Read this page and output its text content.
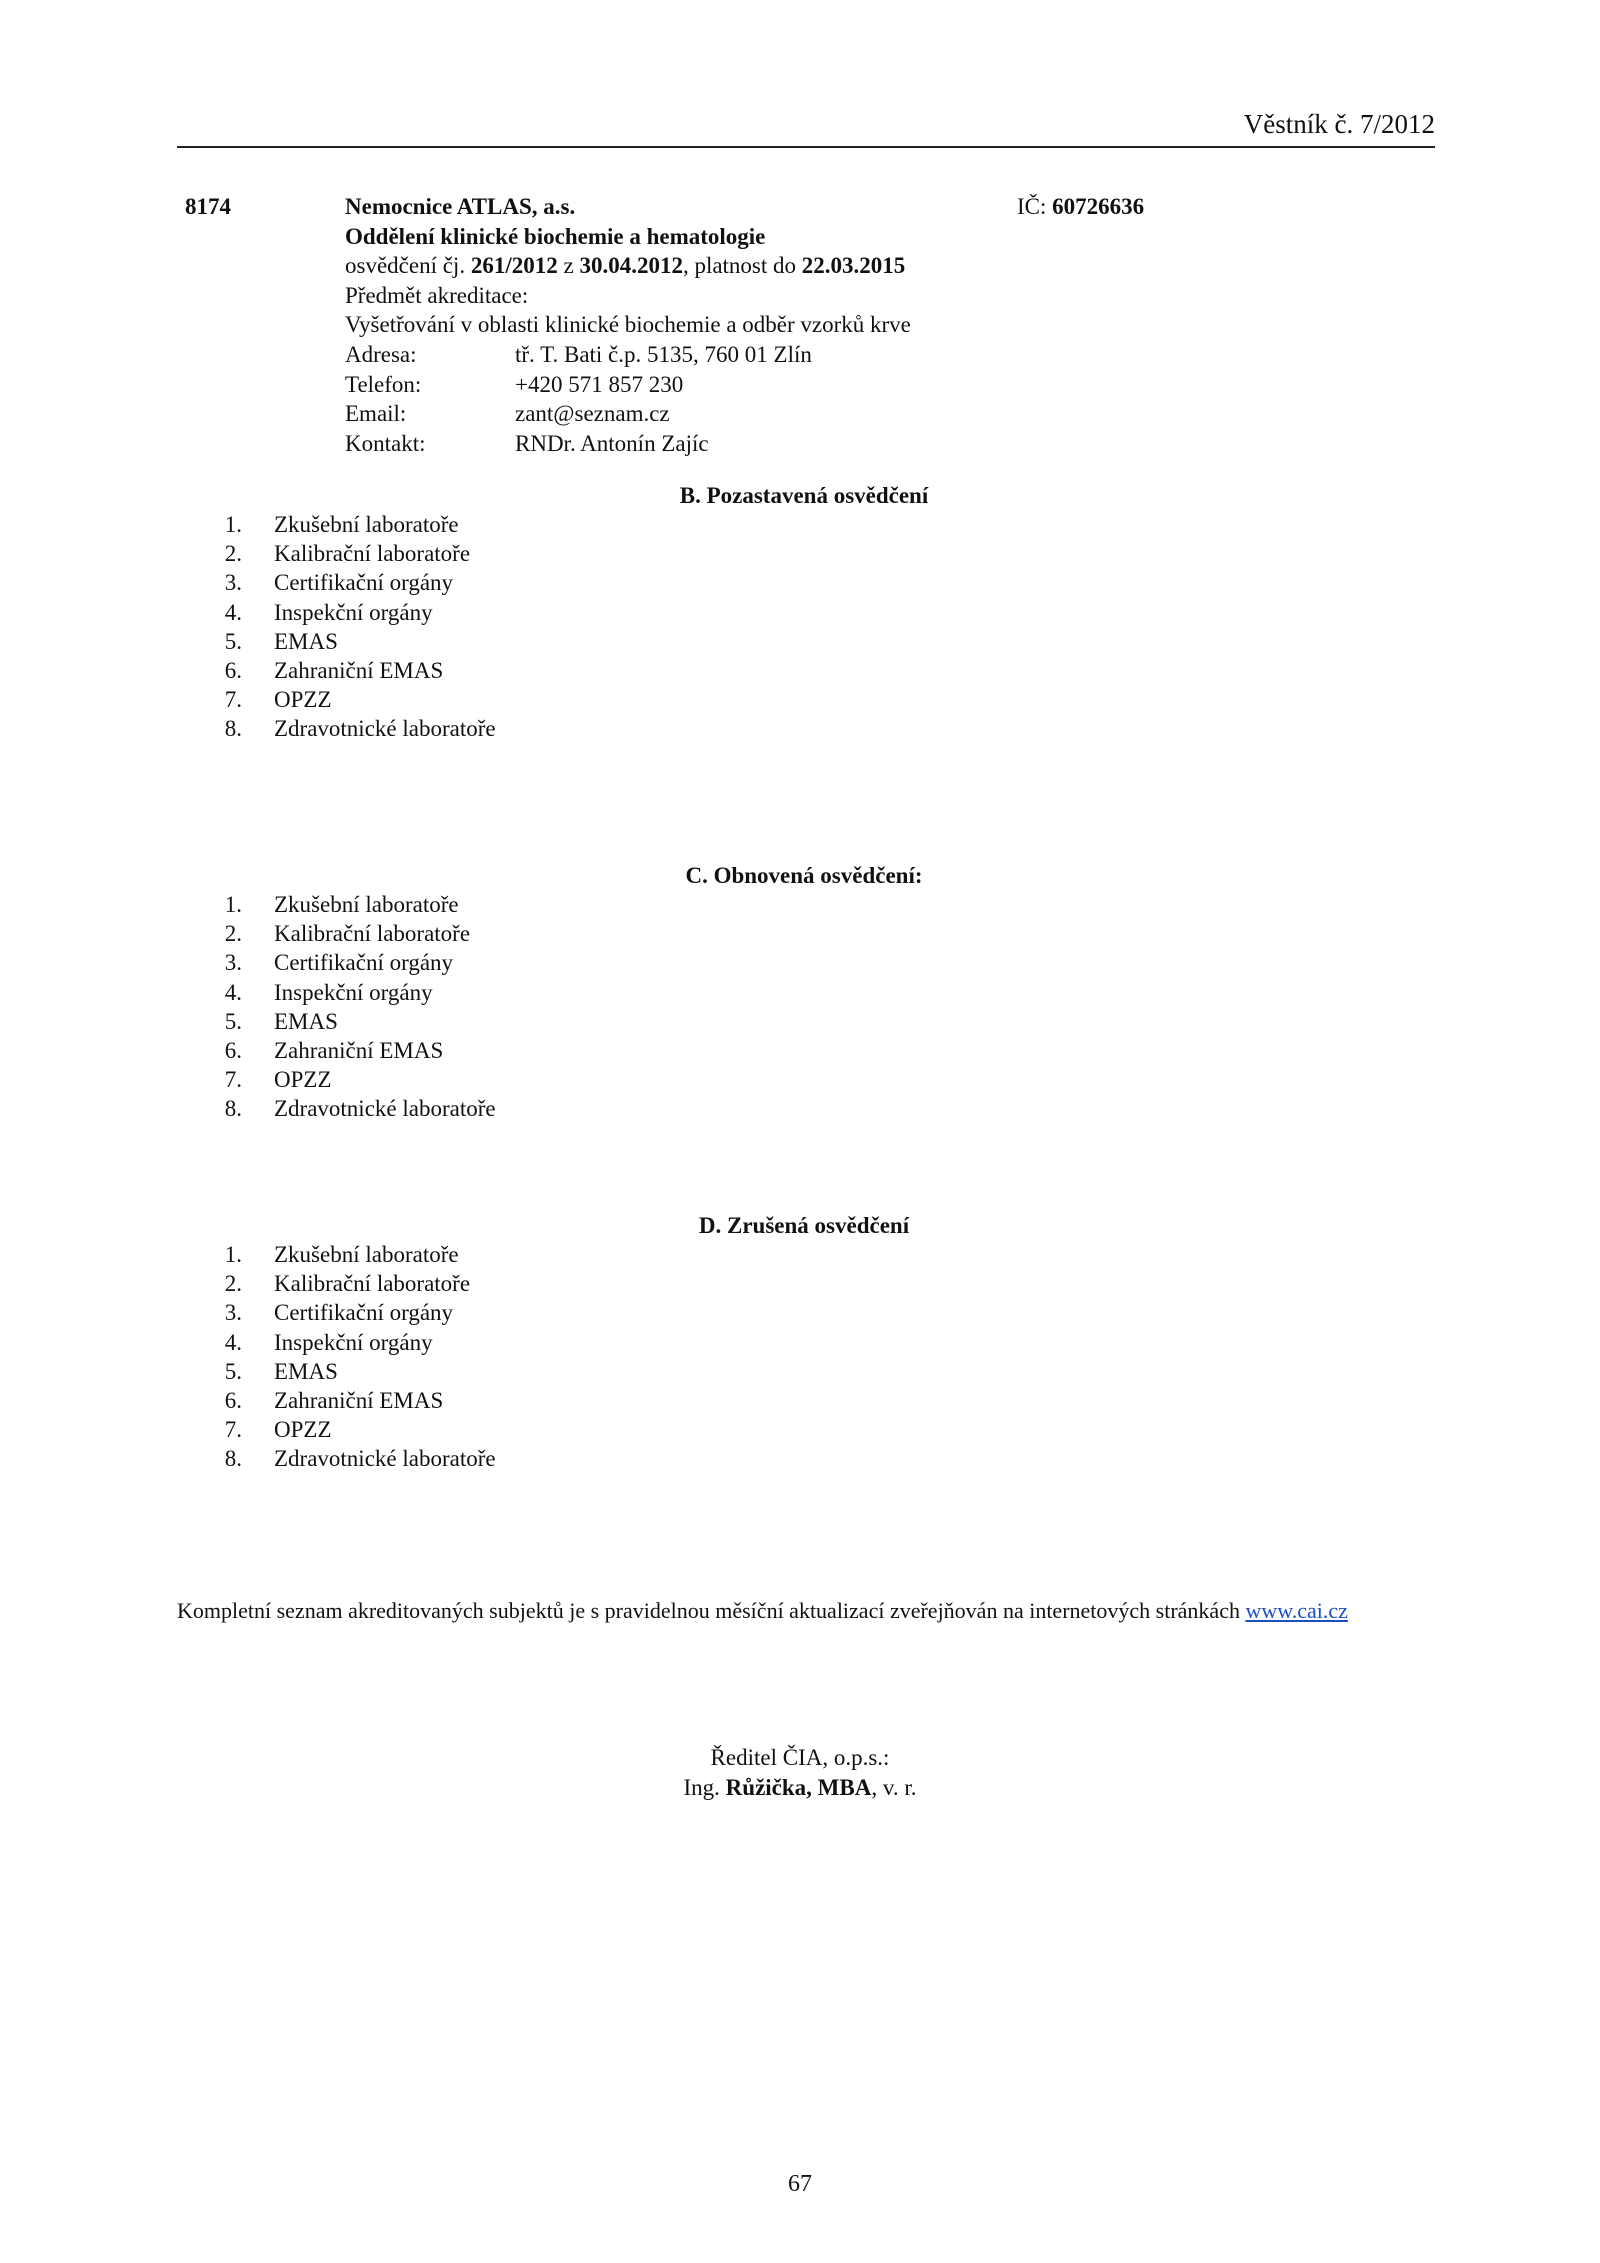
Věstník č. 7/2012
8174	Nemocnice ATLAS, a.s.
Oddělení klinické biochemie a hematologie
osvědčení čj. 261/2012 z 30.04.2012, platnost do 22.03.2015
Předmět akreditace:
Vyšetřování v oblasti klinické biochemie a odběr vzorků krve
IČ: 60726636
Adresa:	tř. T. Bati č.p. 5135, 760 01 Zlín
Telefon:	+420 571 857 230
Email:	zant@seznam.cz
Kontakt:	RNDr. Antonín Zajíc
B. Pozastavená osvědčení
1. Zkušební laboratoře
2. Kalibrační laboratoře
3. Certifikační orgány
4. Inspekční orgány
5. EMAS
6. Zahraniční EMAS
7. OPZZ
8. Zdravotnické laboratoře
C. Obnovená osvědčení:
1. Zkušební laboratoře
2. Kalibrační laboratoře
3. Certifikační orgány
4. Inspekční orgány
5. EMAS
6. Zahraniční EMAS
7. OPZZ
8. Zdravotnické laboratoře
D. Zrušená osvědčení
1. Zkušební laboratoře
2. Kalibrační laboratoře
3. Certifikační orgány
4. Inspekční orgány
5. EMAS
6. Zahraniční EMAS
7. OPZZ
8. Zdravotnické laboratoře
Kompletní seznam akreditovaných subjektů je s pravidelnou měsíční aktualizací zveřejňován na internetových stránkách www.cai.cz
Ředitel ČIA, o.p.s.:
Ing. Růžička, MBA, v. r.
67
